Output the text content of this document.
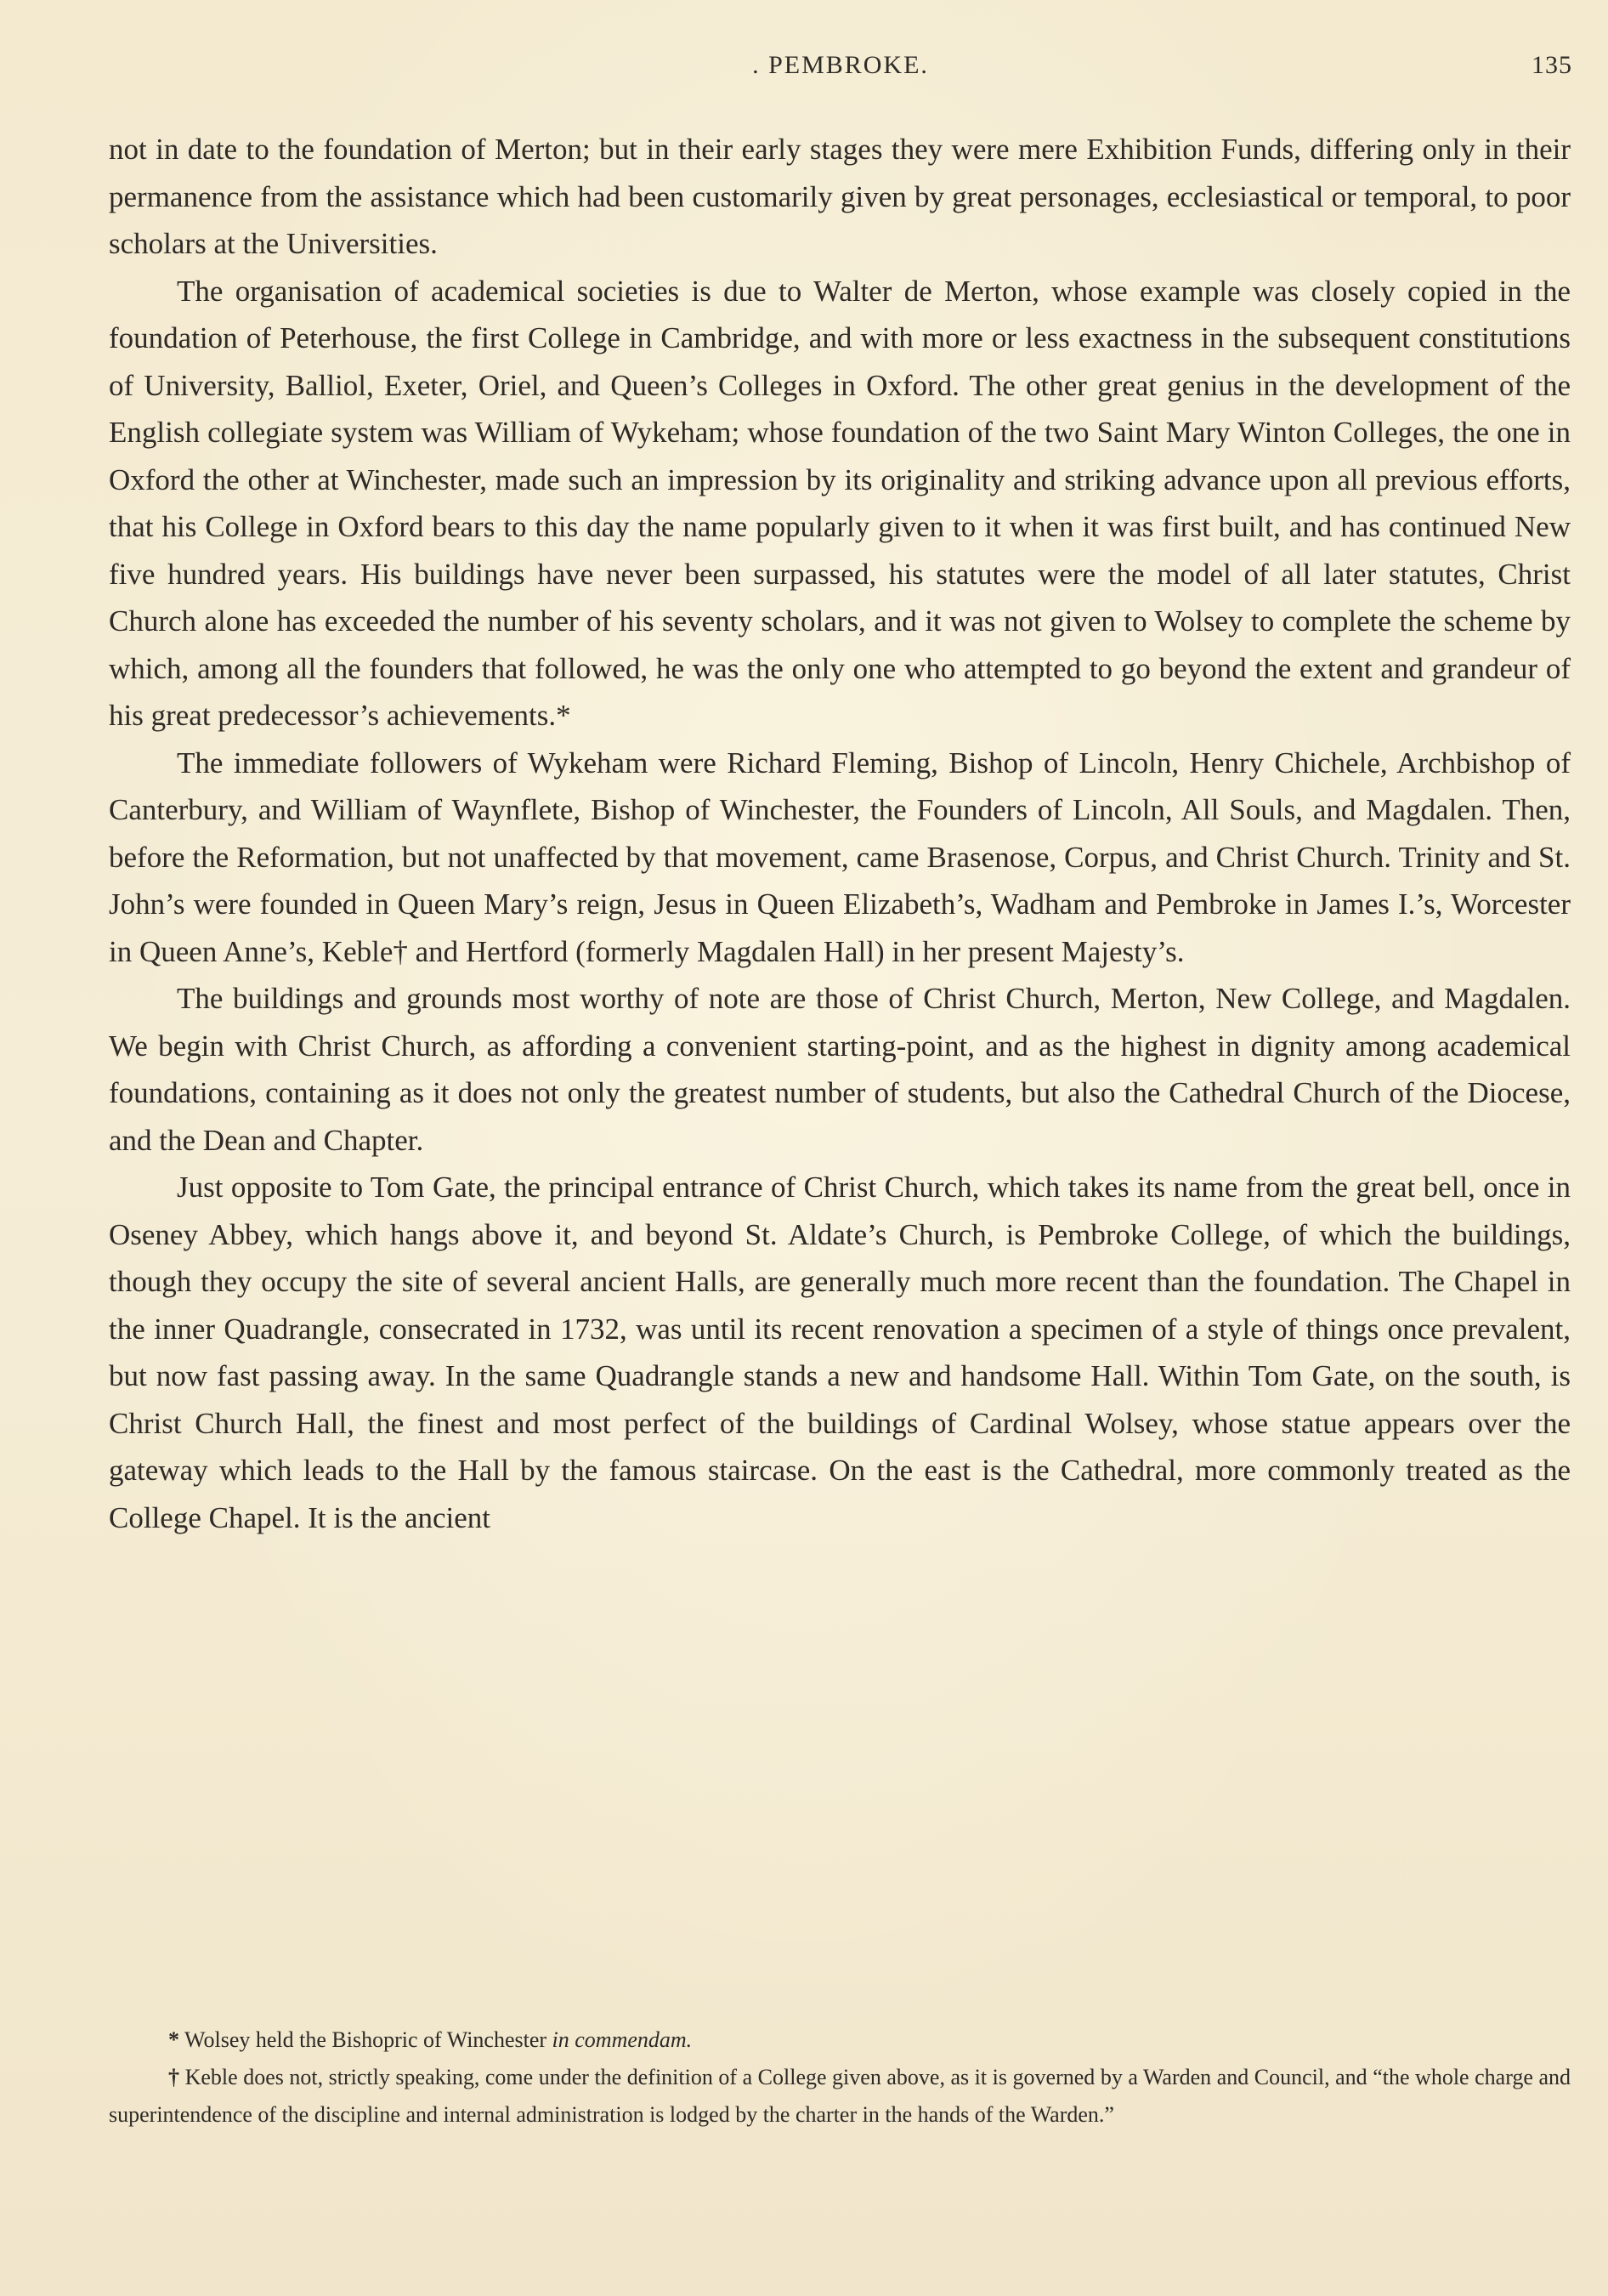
. PEMBROKE.	135

not in date to the foundation of Merton; but in their early stages they were mere Exhibition Funds, differing only in their permanence from the assistance which had been customarily given by great personages, ecclesiastical or temporal, to poor scholars at the Universities.

The organisation of academical societies is due to Walter de Merton, whose example was closely copied in the foundation of Peterhouse, the first College in Cambridge, and with more or less exactness in the subsequent constitutions of University, Balliol, Exeter, Oriel, and Queen’s Colleges in Oxford. The other great genius in the development of the English collegiate system was William of Wykeham; whose foundation of the two Saint Mary Winton Colleges, the one in Oxford the other at Winchester, made such an impression by its originality and striking advance upon all previous efforts, that his College in Oxford bears to this day the name popularly given to it when it was first built, and has continued New five hundred years. His buildings have never been surpassed, his statutes were the model of all later statutes, Christ Church alone has exceeded the number of his seventy scholars, and it was not given to Wolsey to complete the scheme by which, among all the founders that followed, he was the only one who attempted to go beyond the extent and grandeur of his great predecessor’s achievements.*

The immediate followers of Wykeham were Richard Fleming, Bishop of Lincoln, Henry Chichele, Archbishop of Canterbury, and William of Waynflete, Bishop of Winchester, the Founders of Lincoln, All Souls, and Magdalen. Then, before the Reformation, but not unaffected by that movement, came Brasenose, Corpus, and Christ Church. Trinity and St. John’s were founded in Queen Mary’s reign, Jesus in Queen Elizabeth’s, Wadham and Pembroke in James I.’s, Worcester in Queen Anne’s, Keble† and Hertford (formerly Magdalen Hall) in her present Majesty’s.

The buildings and grounds most worthy of note are those of Christ Church, Merton, New College, and Magdalen. We begin with Christ Church, as affording a convenient starting-point, and as the highest in dignity among academical foundations, containing as it does not only the greatest number of students, but also the Cathedral Church of the Diocese, and the Dean and Chapter.

Just opposite to Tom Gate, the principal entrance of Christ Church, which takes its name from the great bell, once in Oseney Abbey, which hangs above it, and beyond St. Aldate’s Church, is Pembroke College, of which the buildings, though they occupy the site of several ancient Halls, are generally much more recent than the foundation. The Chapel in the inner Quadrangle, consecrated in 1732, was until its recent renovation a specimen of a style of things once prevalent, but now fast passing away. In the same Quadrangle stands a new and handsome Hall. Within Tom Gate, on the south, is Christ Church Hall, the finest and most perfect of the buildings of Cardinal Wolsey, whose statue appears over the gateway which leads to the Hall by the famous staircase. On the east is the Cathedral, more commonly treated as the College Chapel. It is the ancient

* Wolsey held the Bishopric of Winchester in commendam.

† Keble does not, strictly speaking, come under the definition of a College given above, as it is governed by a Warden and Council, and “the whole charge and superintendence of the discipline and internal administration is lodged by the charter in the hands of the Warden.”
